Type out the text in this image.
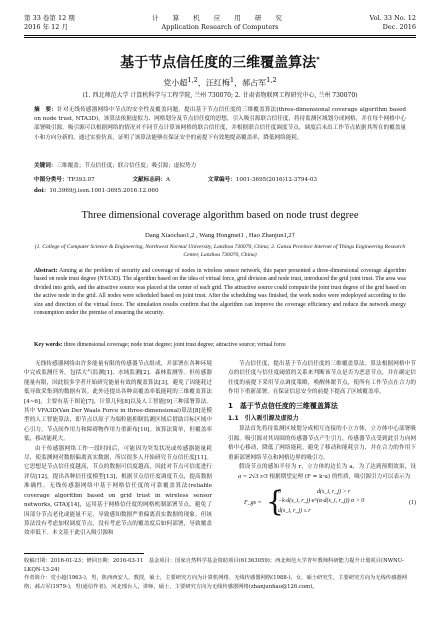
第 33 卷第 12 期
2016 年 12 月
计 算 机 应 用 研 究
Application Research of Computers
Vol. 33 No. 12
Dec. 2016
基于节点信任度的三维覆盖算法*
党小超$^{1,2}$，汪红梅$^1$，郝占军$^{1,2}$
(1. 西北师范大学 计算机科学与工程学院, 兰州 730070; 2. 甘肃省物联网工程研究中心, 兰州 730070)
摘　要：针对无线传感器网络中节点的安全性及覆盖问题，提出基于节点信任度的三维覆盖算法(three-dimensional coverage algorithm based on node trust, NTA3D)。该算法依据虚拟力、网格划分及节点信任度的思想，引入吸引源联合信任度，将待监测区域划分成网格，并在每个网格中心部署吸引源。吸引源可以根据网络的情况对不同节点计算该网格的联合信任度，并根据联合信任度调度节点，调度后未出工作节点依据其所在的覆盖量小和方向分新的。通过实验仿真，证明了该算法能够在保证安全的前提下有效地提高覆盖率，降低网络能耗。
关键词：三维覆盖；节点信任度；联合信任度；吸引源；虚拟势力
中图分类号：TP393.07	文献标志码：A	文章编号：1001-3695(2016)12-3794-03
doi：10.3969/j.issn.1001-3695.2016.12.060
Three dimensional coverage algorithm based on node trust degree
Dang Xiaochao1,2 , Wang Hongmei1 , Hao Zhanjun1,2†
(1. College of Computer Science & Engineering, Northwest Normal University, Lanzhou 730070, China; 2. Gansu Province Internet of Things Engineering Research Center, Lanzhou 730070, China)
Abstract: Aiming at the problem of security and coverage of nodes in wireless sensor network, this paper presented a three-dimensional coverage algorithm based on node trust degree (NTA3D). The algorithm based on the idea of virtual force, grid division and node trust, introduced the grid joint trust. The area was divided into grids, and the attractive source was placed at the center of each grid. The attractive source could compute the joint trust degree of the grid based on the active node in the grid. All nodes were scheduled based on joint trust. After the scheduling was finished, the work nodes were redeployed according to the size and direction of the virtual force. The simulation results confirm that the algorithm can improve the coverage efficiency and reduce the network energy consumption under the premise of ensuring the security.
Key words: three dimensional coverage; node trust degree; joint trust degree; attractive source; virtual force

无线传感器网络由许多能量有限的传感器节点组成，并部署在各种环境中完成监测任务，包括大气监测[1]、水域监测[2]、森林监测等。但传感器能量有限，因此很多学者开始研究能量有效的覆盖算法[3]，避免了因能耗过低导致采集到的数据有误。此外还提出各种高覆盖率低能耗的三维覆盖算法[4~6]，主要有基于图论[7]、计算几何[8]以及人工智能[9]三种部署算法。其中 VFA3D(Van Der Waals Force in three-dimensional)算法[8]是模型的人工智能算法，即节点以原子为端粒能抑制监测区域后借助目标区域中心引力，节点间作用力和障碍物作用力重新布[10]。该算法简单，但覆盖率低，移动能耗大。

由于传感器网络工作一段时间后，可能因为突发状况或传感器能量耗尽，使监测网对数据偏离真实数据，所以很多人开始研究节点信任度[11]。它思想是节点信任度越高，节点的数据可信度越高，因此对节点可信度进行评估[12]，提出各种信任度模型[13]，根据节点信任度调度节点，提高数据准确性。无线传感器网络中基于网格信任度的可靠覆盖算法(reliable coverage algorithm based on grid trust in wireless sensor networks, GTA)[14]，运用基于网格信任度的网格机制部署节点，避免了因部分节点老化或能量不足，导致感知数据严重偏离真实数据的现象。但该算法没有考虑加权调度节点，没有考虑节点的覆盖度后如何部署，导致覆盖效率低下。本文基于此引入吸引源和

节点信任度，提出基于节点信任度的三维覆盖算法。算法根据网格中节点的信任度与信任度阈值的关系来判断该节点是否为恶意节点，并在确定信任度的前提下采用节点调度策略，唤醒休眠节点，使所有工作节点在合力的作用下重新部署，在保证信息安全的前提下提高了区域覆盖率。

1　基于节点信任度的三维覆盖算法
1.1　引入吸引源及虚拟力

算法首先将待监测区域划分成相互连接的小立方体，立方体中心部署吸引源。吸引源对其周围的传感器节点产生引力，传感器节点受到此引力向网格中心移动，降低了网络能耗，避免了移动和能耗引力，并在合力的作用下重新部署网络节点和网格边界的吸引力。

假设节点的感知半径为 r，立方体的边长为 a，为了达到预期效果，设 a = 2√3 r/3 根据期望定理 (F = k·u) 的性质，吸引源引力可以表示为

F_gs = {
0　　　　　　d(s_i, r_j) > r
−k·d(s_i, r_j)·e^(α·d(s_i, r_j)) α > 0
d(s_i, r_j) ≤ r
(1)
收稿日期：2016-01-23；修回日期：2016-03-11　基金项目：国家自然科学基金资助项目(61363059)；西北师范大学青年教师科研能力提升计划项目(NWNU-LKQN-13-24)
作者简介：党小超(1963-)，男，陕西西安人，教授，硕士，主要研究方向为计算机网络、无线传感器网络(1988-)，女，硕士研究生，主要研究方向为无线传感器网络；郝占军(1979-)，男(通信作者)，河北邢台人，讲师，硕士，主要研究方向为无线传感器网络(zhanjunhao@126.com)。
